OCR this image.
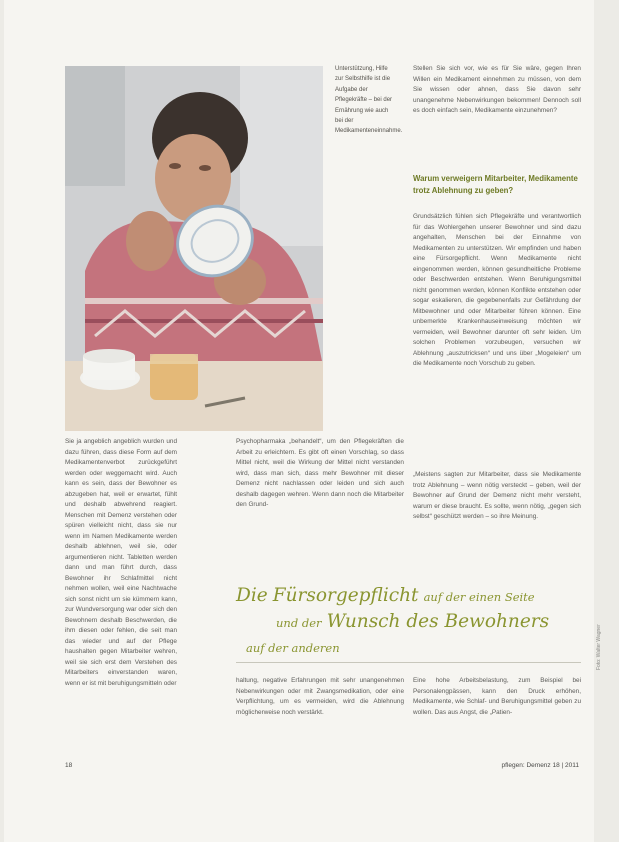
Unterstützung, Hilfe zur Selbsthilfe ist die Aufgabe der Pflegekräfte – bei der Ernährung wie auch bei der Medikamenteneinnahme.
Stellen Sie sich vor, wie es für Sie wäre, gegen Ihren Willen ein Medikament einnehmen zu müssen, von dem Sie wissen oder ahnen, dass Sie davon sehr unangenehme Nebenwirkungen bekommen! Dennoch soll es doch einfach sein, Medikamente einzunehmen?
Warum verweigern Mitarbeiter, Medikamente trotz Ablehnung zu geben?
Grundsätzlich fühlen sich Pflegekräfte und verantwortlich für das Wohlergehen unserer Bewohner und sind dazu angehalten, Menschen bei der Einnahme von Medikamenten zu unterstützen. Wir empfinden und haben eine Fürsorgepflicht. Wenn Medikamente nicht eingenommen werden, können gesundheitliche Probleme oder Beschwerden entstehen. Wenn Beruhigungsmittel nicht genommen werden, können Konflikte entstehen oder sogar eskalieren, die gegebenenfalls zur Gefährdung der Mitbewohner und oder Mitarbeiter führen können. Eine unbemerkte Krankenhauseinweisung möchten wir vermeiden, weil Bewohner darunter oft sehr leiden. Um solchen Problemen vorzubeugen, versuchen wir Ablehnung „auszutricksen“ und uns über „Mogeleien“ um die Medikamente noch Vorschub zu geben.
„Meistens sagten zur Mitarbeiter, dass sie Medikamente trotz Ablehnung – wenn nötig versteckt – geben, weil der Bewohner auf Grund der Demenz nicht mehr versteht, warum er diese braucht. Es sollte, wenn nötig, „gegen sich selbst“ geschützt werden – so ihre Meinung.
Sie ja angeblich angeblich wurden und dazu führen, dass diese Form auf dem Medikamentenverbot zurückgeführt werden oder weggemacht wird. Auch kann es sein, dass der Bewohner es abzugeben hat, weil er erwartet, fühlt und deshalb abwehrend reagiert. Menschen mit Demenz verstehen oder spüren vielleicht nicht, dass sie nur wenn im Namen Medikamente werden deshalb ablehnen, weil sie, oder argumentieren nicht. Tabletten werden dann und man führt durch, dass Bewohner ihr Schlafmittel nicht nehmen wollen, weil eine Nachtwache sich sonst nicht um sie kümmern kann, zur Wundversorgung war oder sich den Bewohnern deshalb Beschwerden, die ihm diesen oder fehlen, die seit man das wieder und auf der Pflege haushalten gegen Mitarbeiter wehren, weil sie sich erst dem Verstehen des Mitarbeiters einverstanden waren, wenn er ist mit beruhigungsmitteln oder
Psychopharmaka „behandelt“, um den Pflegekräften die Arbeit zu erleichtern. Es gibt oft einen Vorschlag, so dass Mittel nicht, weil die Wirkung der Mittel nicht verstanden wird, dass man sich, dass mehr Bewohner mit dieser Demenz nicht nachlassen oder leiden und sich auch deshalb dagegen wehren. Wenn dann noch die Mitarbeiter den Grund-
Die Fürsorgepflicht auf der einen Seite
und der Wunsch des Bewohners
auf der anderen
haltung, negative Erfahrungen mit sehr unangenehmen Nebenwirkungen oder mit Zwangsmedikation, oder eine Verpflichtung, um es vermeiden, wird die Ablehnung möglicherweise noch verstärkt.
Eine hohe Arbeitsbelastung, zum Beispiel bei Personalengpässen, kann den Druck erhöhen, Medikamente, wie Schlaf- und Beruhigungsmittel geben zu wollen. Das aus Angst, die „Patien-
18	pflegen: Demenz 18 | 2011
Foto: Walter Wagner
